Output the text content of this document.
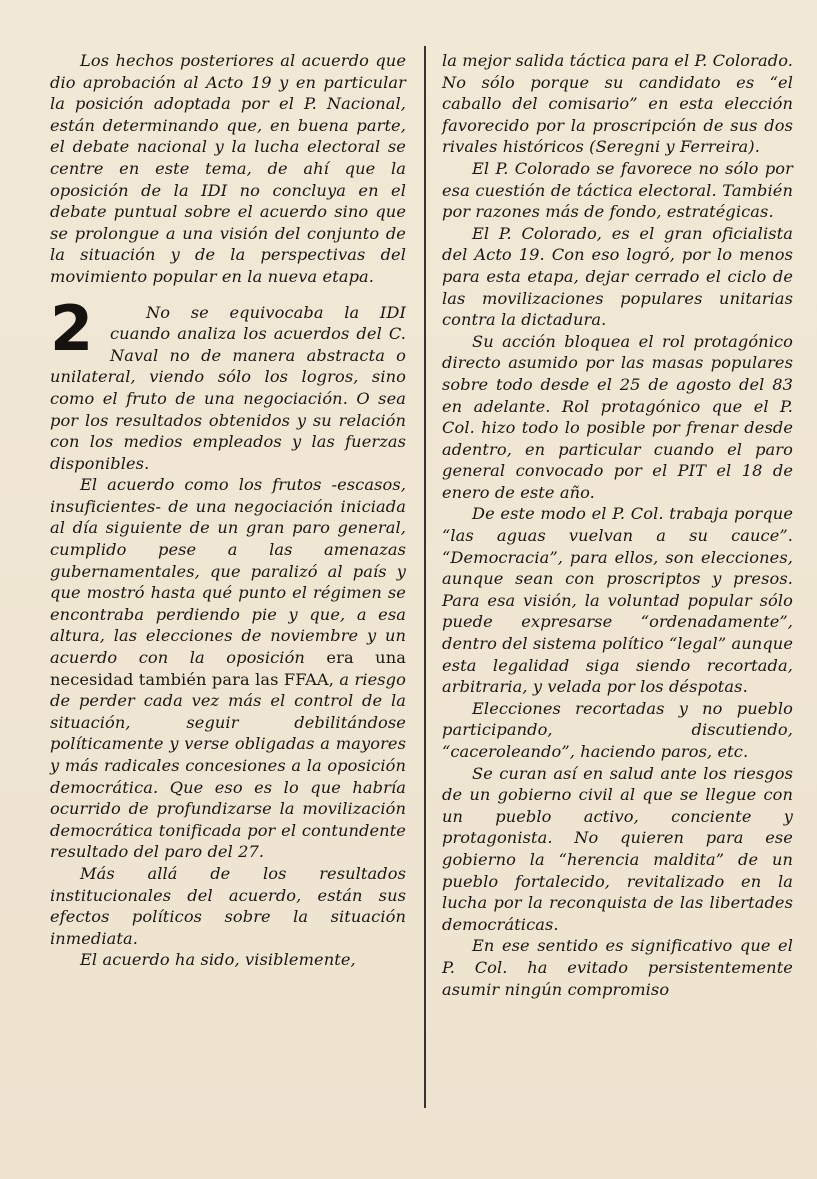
Los hechos posteriores al acuerdo que dio aprobación al Acto 19 y en particular la posición adoptada por el P. Nacional, están determinando que, en buena parte, el debate nacional y la lucha electoral se centre en este tema, de ahí que la oposición de la IDI no concluya en el debate puntual sobre el acuerdo sino que se prolongue a una visión del conjunto de la situación y de la perspectivas del movimiento popular en la nueva etapa.

2	No se equivocaba la IDI cuando analiza los acuerdos del C. Naval no de manera abstracta o unilateral, viendo sólo los logros, sino como el fruto de una negociación. O sea por los resultados obtenidos y su relación con los medios empleados y las fuerzas disponibles.

El acuerdo como los frutos -escasos, insuficientes- de una negociación iniciada al día siguiente de un gran paro general, cumplido pese a las amenazas gubernamentales, que paralizó al país y que mostró hasta qué punto el régimen se encontraba perdiendo pie y que, a esa altura, las elecciones de noviembre y un acuerdo con la oposición era una necesidad también para las FFAA, a riesgo de perder cada vez más el control de la situación, seguir debilitándose políticamente y verse obligadas a mayores y más radicales concesiones a la oposición democrática. Que eso es lo que habría ocurrido de profundizarse la movilización democrática tonificada por el contundente resultado del paro del 27.

Más allá de los resultados institucionales del acuerdo, están sus efectos políticos sobre la situación inmediata.

El acuerdo ha sido, visiblemente,

la mejor salida táctica para el P. Colorado. No sólo porque su candidato es “el caballo del comisario” en esta elección favorecido por la proscripción de sus dos rivales históricos (Seregni y Ferreira).

El P. Colorado se favorece no sólo por esa cuestión de táctica electoral. También por razones más de fondo, estratégicas.

El P. Colorado, es el gran oficialista del Acto 19. Con eso logró, por lo menos para esta etapa, dejar cerrado el ciclo de las movilizaciones populares unitarias contra la dictadura.

Su acción bloquea el rol protagónico directo asumido por las masas populares sobre todo desde el 25 de agosto del 83 en adelante. Rol protagónico que el P. Col. hizo todo lo posible por frenar desde adentro, en particular cuando el paro general convocado por el PIT el 18 de enero de este año.

De este modo el P. Col. trabaja porque “las aguas vuelvan a su cauce”. “Democracia”, para ellos, son elecciones, aunque sean con proscriptos y presos. Para esa visión, la voluntad popular sólo puede expresarse “ordenadamente”, dentro del sistema político “legal” aunque esta legalidad siga siendo recortada, arbitraria, y velada por los déspotas.

Elecciones recortadas y no pueblo participando, discutiendo, “caceroleando”, haciendo paros, etc.

Se curan así en salud ante los riesgos de un gobierno civil al que se llegue con un pueblo activo, conciente y protagonista. No quieren para ese gobierno la “herencia maldita” de un pueblo fortalecido, revitalizado en la lucha por la reconquista de las libertades democráticas.

En ese sentido es significativo que el P. Col. ha evitado persistentemente asumir ningún compromiso
